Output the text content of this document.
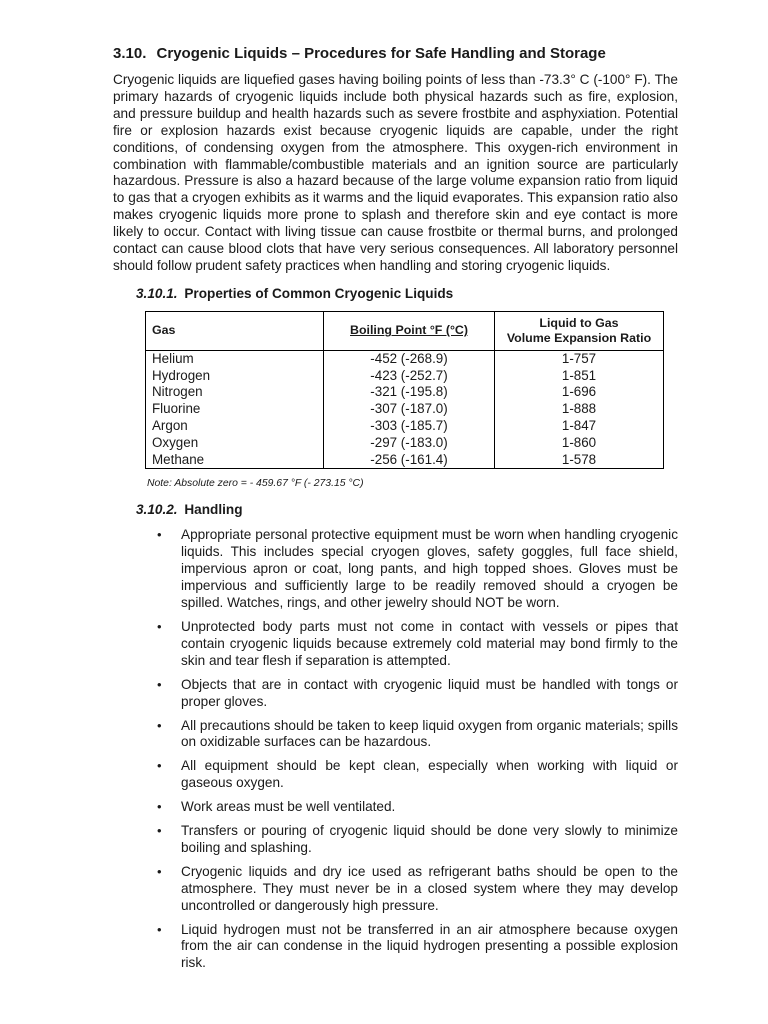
3.10. Cryogenic Liquids – Procedures for Safe Handling and Storage

Cryogenic liquids are liquefied gases having boiling points of less than -73.3° C (-100° F). The primary hazards of cryogenic liquids include both physical hazards such as fire, explosion, and pressure buildup and health hazards such as severe frostbite and asphyxiation. Potential fire or explosion hazards exist because cryogenic liquids are capable, under the right conditions, of condensing oxygen from the atmosphere. This oxygen-rich environment in combination with flammable/combustible materials and an ignition source are particularly hazardous. Pressure is also a hazard because of the large volume expansion ratio from liquid to gas that a cryogen exhibits as it warms and the liquid evaporates. This expansion ratio also makes cryogenic liquids more prone to splash and therefore skin and eye contact is more likely to occur. Contact with living tissue can cause frostbite or thermal burns, and prolonged contact can cause blood clots that have very serious consequences. All laboratory personnel should follow prudent safety practices when handling and storing cryogenic liquids.

3.10.1. Properties of Common Cryogenic Liquids
Gas	Boiling Point °F (°C)	Liquid to Gas
Volume Expansion Ratio

Helium	-452 (-268.9)	1-757
Hydrogen	-423 (-252.7)	1-851
Nitrogen	-321 (-195.8)	1-696
Fluorine	-307 (-187.0)	1-888
Argon	-303 (-185.7)	1-847
Oxygen	-297 (-183.0)	1-860
Methane	-256 (-161.4)	1-578
Note: Absolute zero = - 459.67 °F (- 273.15 °C)
3.10.2. Handling
• Appropriate personal protective equipment must be worn when handling cryogenic liquids. This includes special cryogen gloves, safety goggles, full face shield, impervious apron or coat, long pants, and high topped shoes. Gloves must be impervious and sufficiently large to be readily removed should a cryogen be spilled. Watches, rings, and other jewelry should NOT be worn.
• Unprotected body parts must not come in contact with vessels or pipes that contain cryogenic liquids because extremely cold material may bond firmly to the skin and tear flesh if separation is attempted.
• Objects that are in contact with cryogenic liquid must be handled with tongs or proper gloves.
• All precautions should be taken to keep liquid oxygen from organic materials; spills on oxidizable surfaces can be hazardous.
• All equipment should be kept clean, especially when working with liquid or gaseous oxygen.
• Work areas must be well ventilated.
• Transfers or pouring of cryogenic liquid should be done very slowly to minimize boiling and splashing.
• Cryogenic liquids and dry ice used as refrigerant baths should be open to the atmosphere. They must never be in a closed system where they may develop uncontrolled or dangerously high pressure.
• Liquid hydrogen must not be transferred in an air atmosphere because oxygen from the air can condense in the liquid hydrogen presenting a possible explosion risk.
